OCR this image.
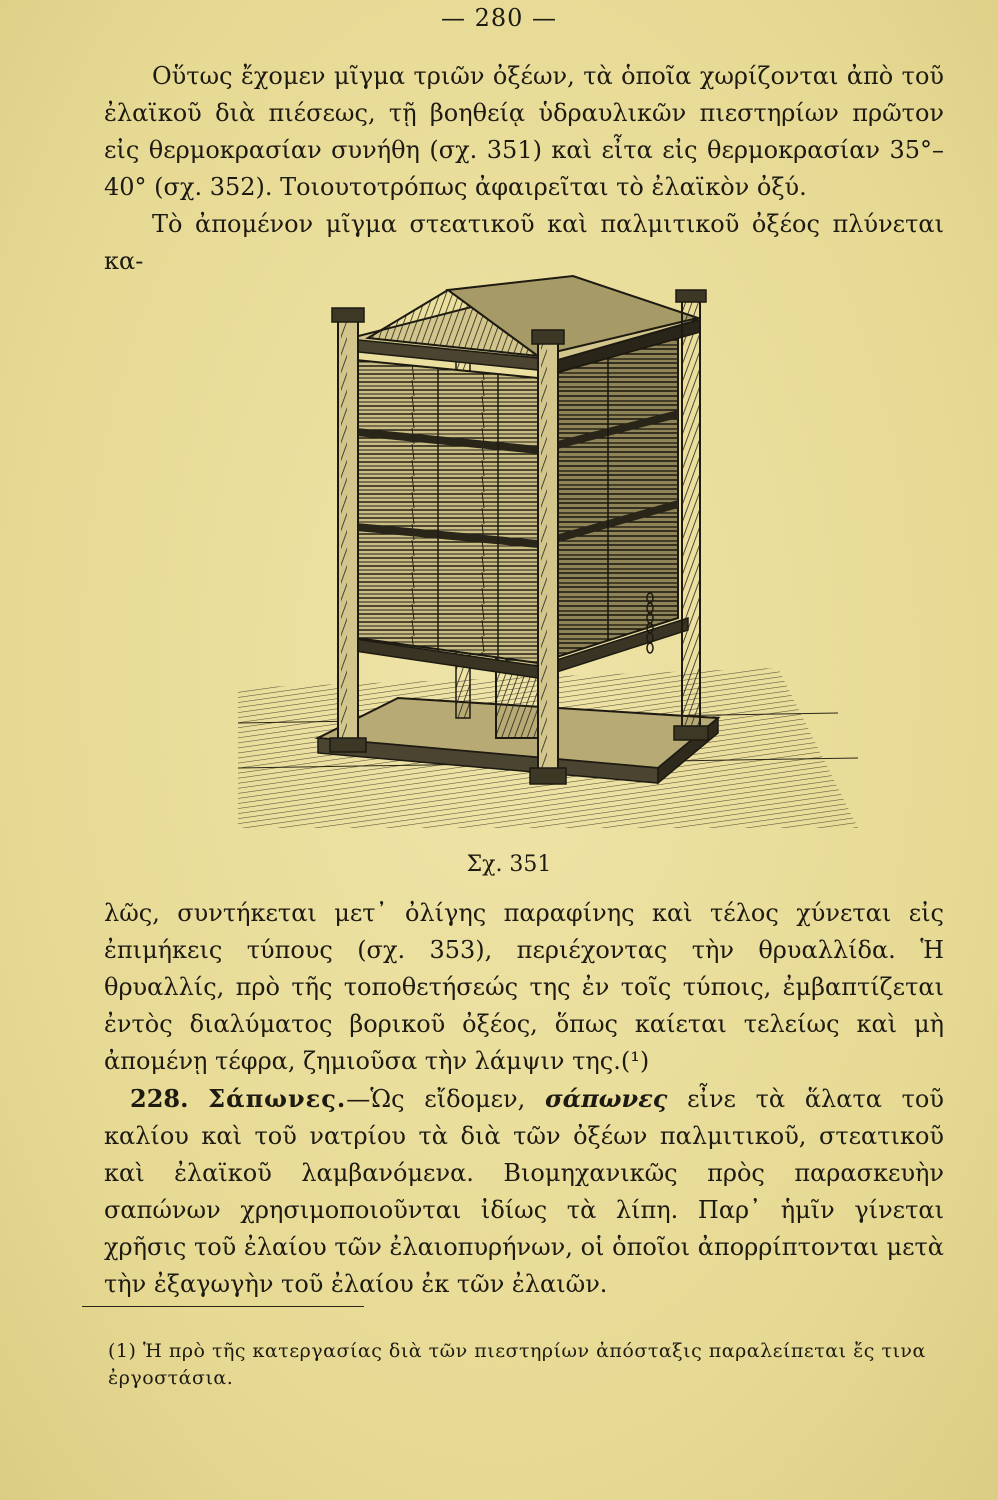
— 280 —

Οὕτως ἔχομεν μῖγμα τριῶν ὀξέων, τὰ ὁποῖα χωρίζονται ἀπὸ τοῦ ἐλαϊκοῦ διὰ πιέσεως, τῇ βοηθείᾳ ὑδραυλικῶν πιεστηρίων πρῶτον εἰς θερμοκρασίαν συνήθη (σχ. 351) καὶ εἶτα εἰς θερμοκρασίαν 35°– 40° (σχ. 352). Τοιουτοτρόπως ἀφαιρεῖται τὸ ἐλαϊκὸν ὀξύ.

Τὸ ἀπομένον μῖγμα στεατικοῦ καὶ παλμιτικοῦ ὀξέος πλύνεται κα-

Σχ. 351

λῶς, συντήκεται μετ᾽ ὀλίγης παραφίνης καὶ τέλος χύνεται εἰς ἐπιμήκεις τύπους (σχ. 353), περιέχοντας τὴν θρυαλλίδα. Ἡ θρυαλλίς, πρὸ τῆς τοποθετήσεώς της ἐν τοῖς τύποις, ἐμβαπτίζεται ἐντὸς διαλύματος βορικοῦ ὀξέος, ὅπως καίεται τελείως καὶ μὴ ἀπομένῃ τέφρα, ζημιοῦσα τὴν λάμψιν της.(¹)

228. Σάπωνες.—Ὡς εἴδομεν, σάπωνες εἶνε τὰ ἅλατα τοῦ καλίου καὶ τοῦ νατρίου τὰ διὰ τῶν ὀξέων παλμιτικοῦ, στεατικοῦ καὶ ἐλαϊκοῦ λαμβανόμενα. Βιομηχανικῶς πρὸς παρασκευὴν σαπώνων χρησιμοποιοῦνται ἰδίως τὰ λίπη. Παρ᾽ ἡμῖν γίνεται χρῆσις τοῦ ἐλαίου τῶν ἐλαιοπυρήνων, οἱ ὁποῖοι ἀπορρίπτονται μετὰ τὴν ἐξαγωγὴν τοῦ ἐλαίου ἐκ τῶν ἐλαιῶν.

(1) Ἡ πρὸ τῆς κατεργασίας διὰ τῶν πιεστηρίων ἀπόσταξις παραλείπεται ἔς τινα ἐργοστάσια.
